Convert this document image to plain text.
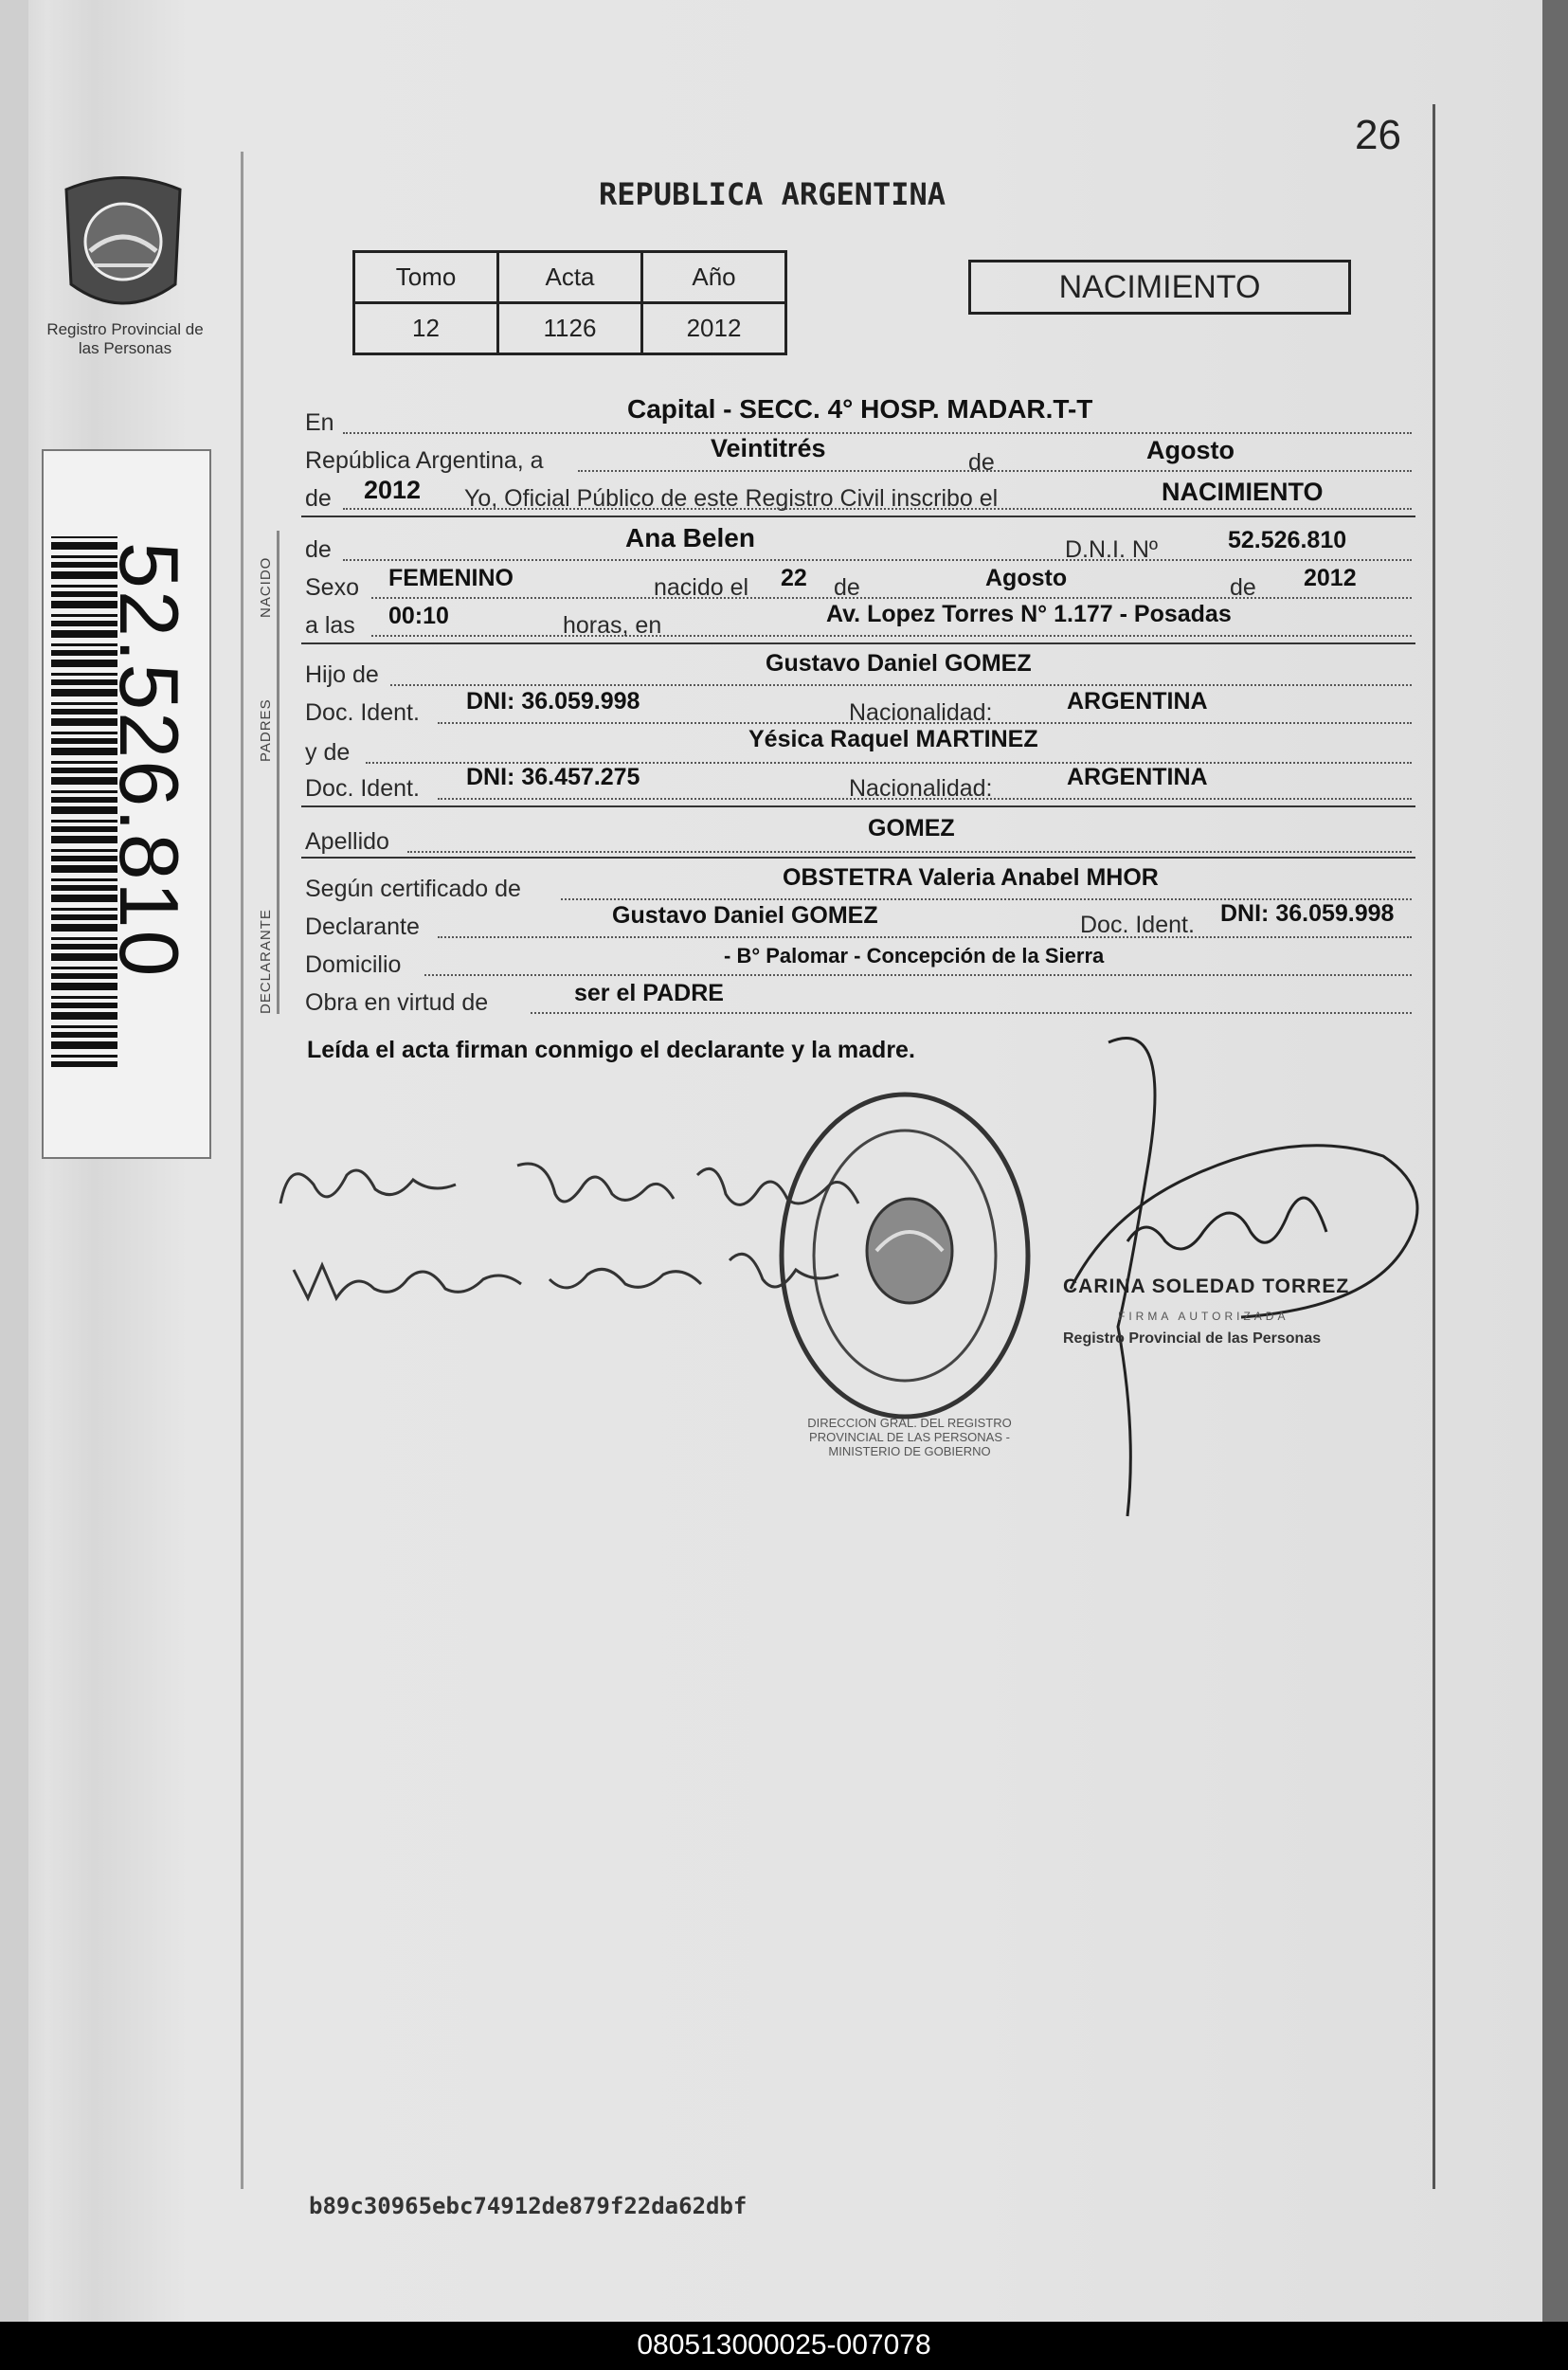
Registro Provincial de las Personas
52.526.810
26
REPUBLICA ARGENTINA
Tomo	Acta	Año
12	1126	2012
NACIMIENTO
En	Capital - SECC. 4° HOSP. MADAR.T-T
República Argentina, a	Veintitrés	de	Agosto
de 2012 Yo, Oficial Público de este Registro Civil inscribo el	NACIMIENTO
NACIDO
de	Ana Belen	D.N.I. Nº	52.526.810
Sexo FEMENINO	nacido el 22 de	Agosto	de 2012
a las 00:10	horas, en	Av. Lopez Torres N° 1.177 - Posadas
PADRES
Hijo de	Gustavo Daniel GOMEZ
Doc. Ident. DNI: 36.059.998	Nacionalidad:	ARGENTINA
y de	Yésica Raquel MARTINEZ
Doc. Ident. DNI: 36.457.275	Nacionalidad:	ARGENTINA
Apellido	GOMEZ
DECLARANTE
Según certificado de	OBSTETRA Valeria Anabel MHOR
Declarante	Gustavo Daniel GOMEZ	Doc. Ident. DNI: 36.059.998
Domicilio	- B° Palomar - Concepción de la Sierra
Obra en virtud de	ser el PADRE
Leída el acta firman conmigo el declarante y la madre.
DIRECCION GRAL. DEL REGISTRO PROVINCIAL DE LAS PERSONAS - MINISTERIO DE GOBIERNO
CARINA SOLEDAD TORREZ
FIRMA AUTORIZADA
Registro Provincial de las Personas
b89c30965ebc74912de879f22da62dbf
080513000025-007078
